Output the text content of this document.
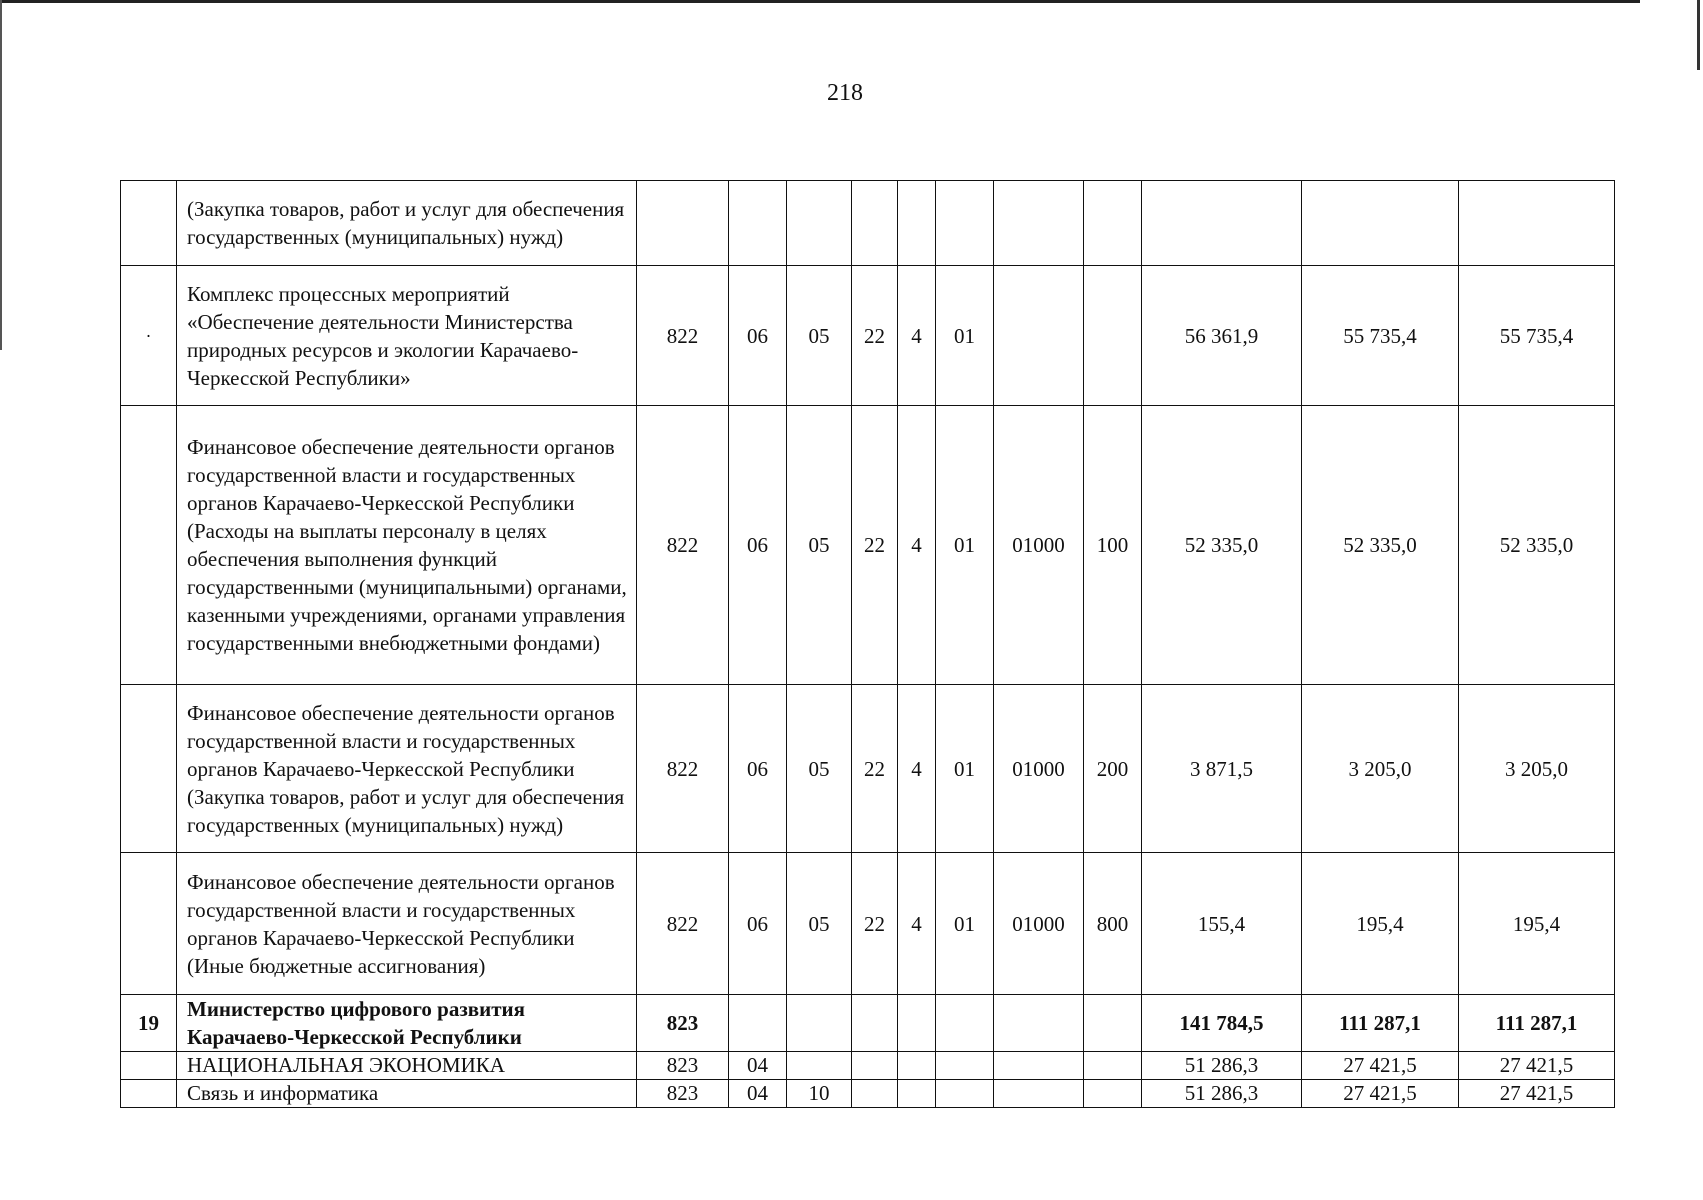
218
	(Закупка товаров, работ и услуг для обеспечения государственных (муниципальных) нужд)											
·	Комплекс процессных мероприятий «Обеспечение деятельности Министерства природных ресурсов и экологии Карачаево-Черкесской Республики»	822	06	05	22	4	01			56 361,9	55 735,4	55 735,4
	Финансовое обеспечение деятельности органов государственной власти и государственных органов Карачаево-Черкесской Республики (Расходы на выплаты персоналу в целях обеспечения выполнения функций государственными (муниципальными) органами, казенными учреждениями, органами управления государственными внебюджетными фондами)	822	06	05	22	4	01	01000	100	52 335,0	52 335,0	52 335,0
	Финансовое обеспечение деятельности органов государственной власти и государственных органов Карачаево-Черкесской Республики (Закупка товаров, работ и услуг для обеспечения государственных (муниципальных) нужд)	822	06	05	22	4	01	01000	200	3 871,5	3 205,0	3 205,0
	Финансовое обеспечение деятельности органов государственной власти и государственных органов Карачаево-Черкесской Республики (Иные бюджетные ассигнования)	822	06	05	22	4	01	01000	800	155,4	195,4	195,4
19	Министерство цифрового развития Карачаево-Черкесской Республики	823								141 784,5	111 287,1	111 287,1
	НАЦИОНАЛЬНАЯ ЭКОНОМИКА	823	04							51 286,3	27 421,5	27 421,5
	Связь и информатика	823	04	10						51 286,3	27 421,5	27 421,5
